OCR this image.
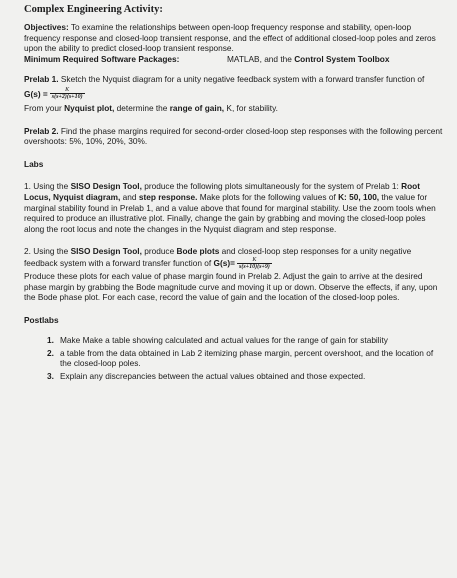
Complex Engineering Activity:

Objectives: To examine the relationships between open-loop frequency response and stability, open-loop frequency response and closed-loop transient response, and the effect of additional closed-loop poles and zeros upon the ability to predict closed-loop transient response.

Minimum Required Software Packages:	MATLAB, and the Control System Toolbox

Prelab 1. Sketch the Nyquist diagram for a unity negative feedback system with a forward transfer function of

$G(s) = \frac{K}{s(s+2)(s+10)}$

From your Nyquist plot, determine the range of gain, K, for stability.

Prelab 2. Find the phase margins required for second-order closed-loop step responses with the following percent overshoots: 5%, 10%, 20%, 30%.

Labs

1. Using the SISO Design Tool, produce the following plots simultaneously for the system of Prelab 1: Root Locus, Nyquist diagram, and step response. Make plots for the following values of K: 50, 100, the value for marginal stability found in Prelab 1, and a value above that found for marginal stability. Use the zoom tools when required to produce an illustrative plot. Finally, change the gain by grabbing and moving the closed-loop poles along the root locus and note the changes in the Nyquist diagram and step response.

2. Using the SISO Design Tool, produce Bode plots and closed-loop step responses for a unity negative feedback system with a forward transfer function of $G(s)= \frac{K}{s(s+10)(s+9)}$

Produce these plots for each value of phase margin found in Prelab 2. Adjust the gain to arrive at the desired phase margin by grabbing the Bode magnitude curve and moving it up or down. Observe the effects, if any, upon the Bode phase plot. For each case, record the value of gain and the location of the closed-loop poles.

Postlabs
1. Make Make a table showing calculated and actual values for the range of gain for stability
2. a table from the data obtained in Lab 2 itemizing phase margin, percent overshoot, and the location of the closed-loop poles.
3. Explain any discrepancies between the actual values obtained and those expected.
